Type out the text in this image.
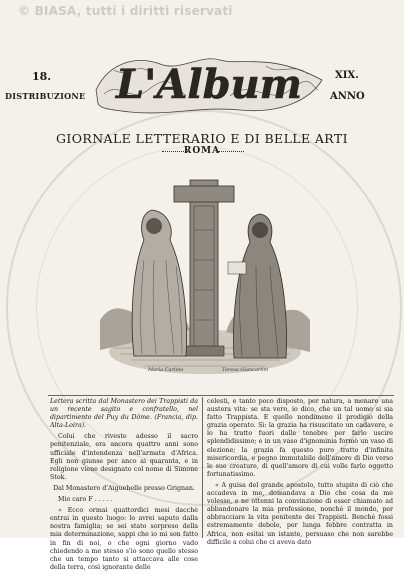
© BIASA, tutti i diritti riservati
18.
DISTRIBUZIONE
XIX.
ANNO
L'Album
GIORNALE LETTERARIO E DI BELLE ARTI
ROMA
Maria Carlino	Teresa Giancarlini

Lettera scritta dal Monastero dei Trappisti da un recente sagito e confratello, nel dipartimento del Puy du Dôme. (Francia, dip. Alta-Loira).

Colui che riveste adesso il sacro penitenziale, era ancora quattro anni sono ufficiale d'intendenza nell'armata d'Africa. Egli non giunse per anco ai quaranta, e in religione viene designato col nome di Simone Stok.

Dal Monastero d'Aiguebelle presso Grignan.

Mio caro F . . . . .

« Ecco ormai quattordici mesi dacchè entrai in questo luogo: lo avrei saputo dalla nostra famiglia; se sei stato sorpreso della mia determinazione, sappi che io mi son fatto in fin di noi, o che ogni giorno vado chiedendo a me stesso s'io sono quello stesso che un tempo tanto si attaccava alle cose della terra, così ignorante delle

celesti, e tanto poco disposto, per natura, a menare una austera vita: se sta vero, io dico, che un tal uomo si sia fatto Trappista. E quello nondimeno il prodigio della grazia operato. Sì: la grazia ha risuscitato un cadavere, e lo ha tratto fuori dalle tenebre per farlo uscire splendidissimo; e in un vaso d'ignominia formò un vaso di elezione; la grazia fa questo puro tratto d'infinita misericordia, e pegno immutabile dell'amore di Dio verso le sue creature, di quell'amore di cui volle farlo oggetto fortunatissimo.

« A guisa del grande apostolo, tutto stupito di ciò che accadeva in me, domandava a Dio che cosa da me volesse, e ne ottenni la convinzione di esser chiamato ad abbandonare la mia professione, nonchè il mondo, per abbracciare la vita penitente dei Trappisti. Benchè fossi estremamente debole, per lunga febbre contratta in Africa, non esitai un istante, persuaso che non sarebbe difficile a colui che ci aveva dato
